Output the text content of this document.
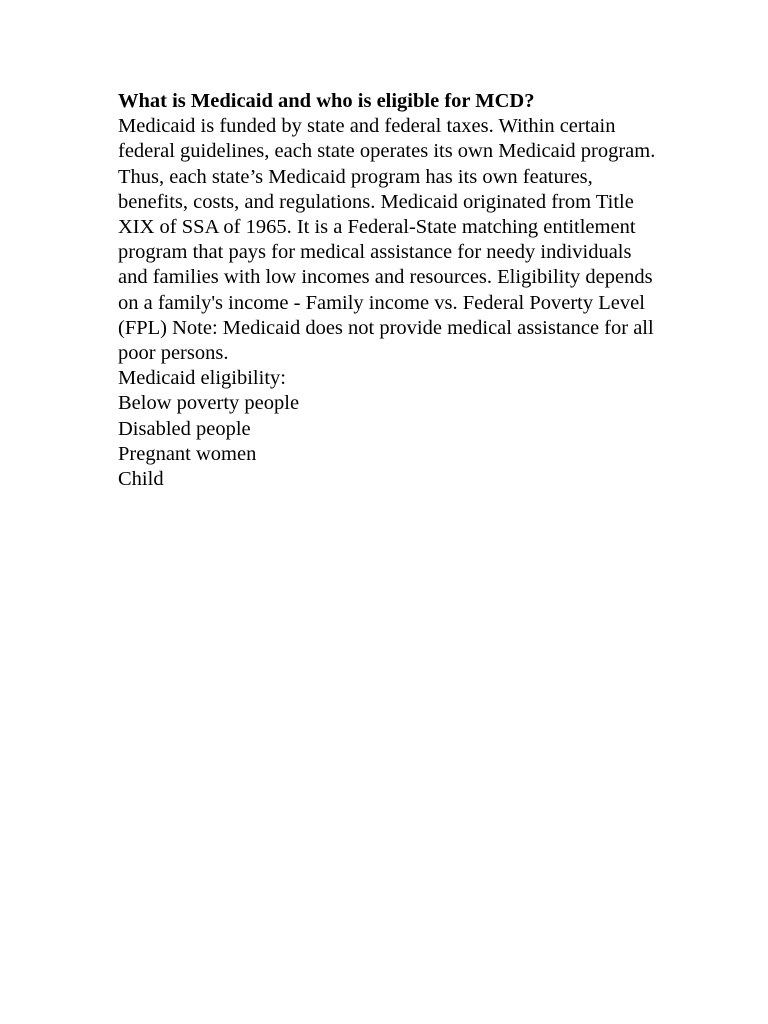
What is Medicaid and who is eligible for MCD?

Medicaid is funded by state and federal taxes. Within certain federal guidelines, each state operates its own Medicaid program. Thus, each state’s Medicaid program has its own features, benefits, costs, and regulations. Medicaid originated from Title XIX of SSA of 1965. It is a Federal-State matching entitlement program that pays for medical assistance for needy individuals and families with low incomes and resources. Eligibility depends on a family's income - Family income vs. Federal Poverty Level (FPL) Note: Medicaid does not provide medical assistance for all poor persons.

Medicaid eligibility:

Below poverty people
Disabled people
Pregnant women
Child
